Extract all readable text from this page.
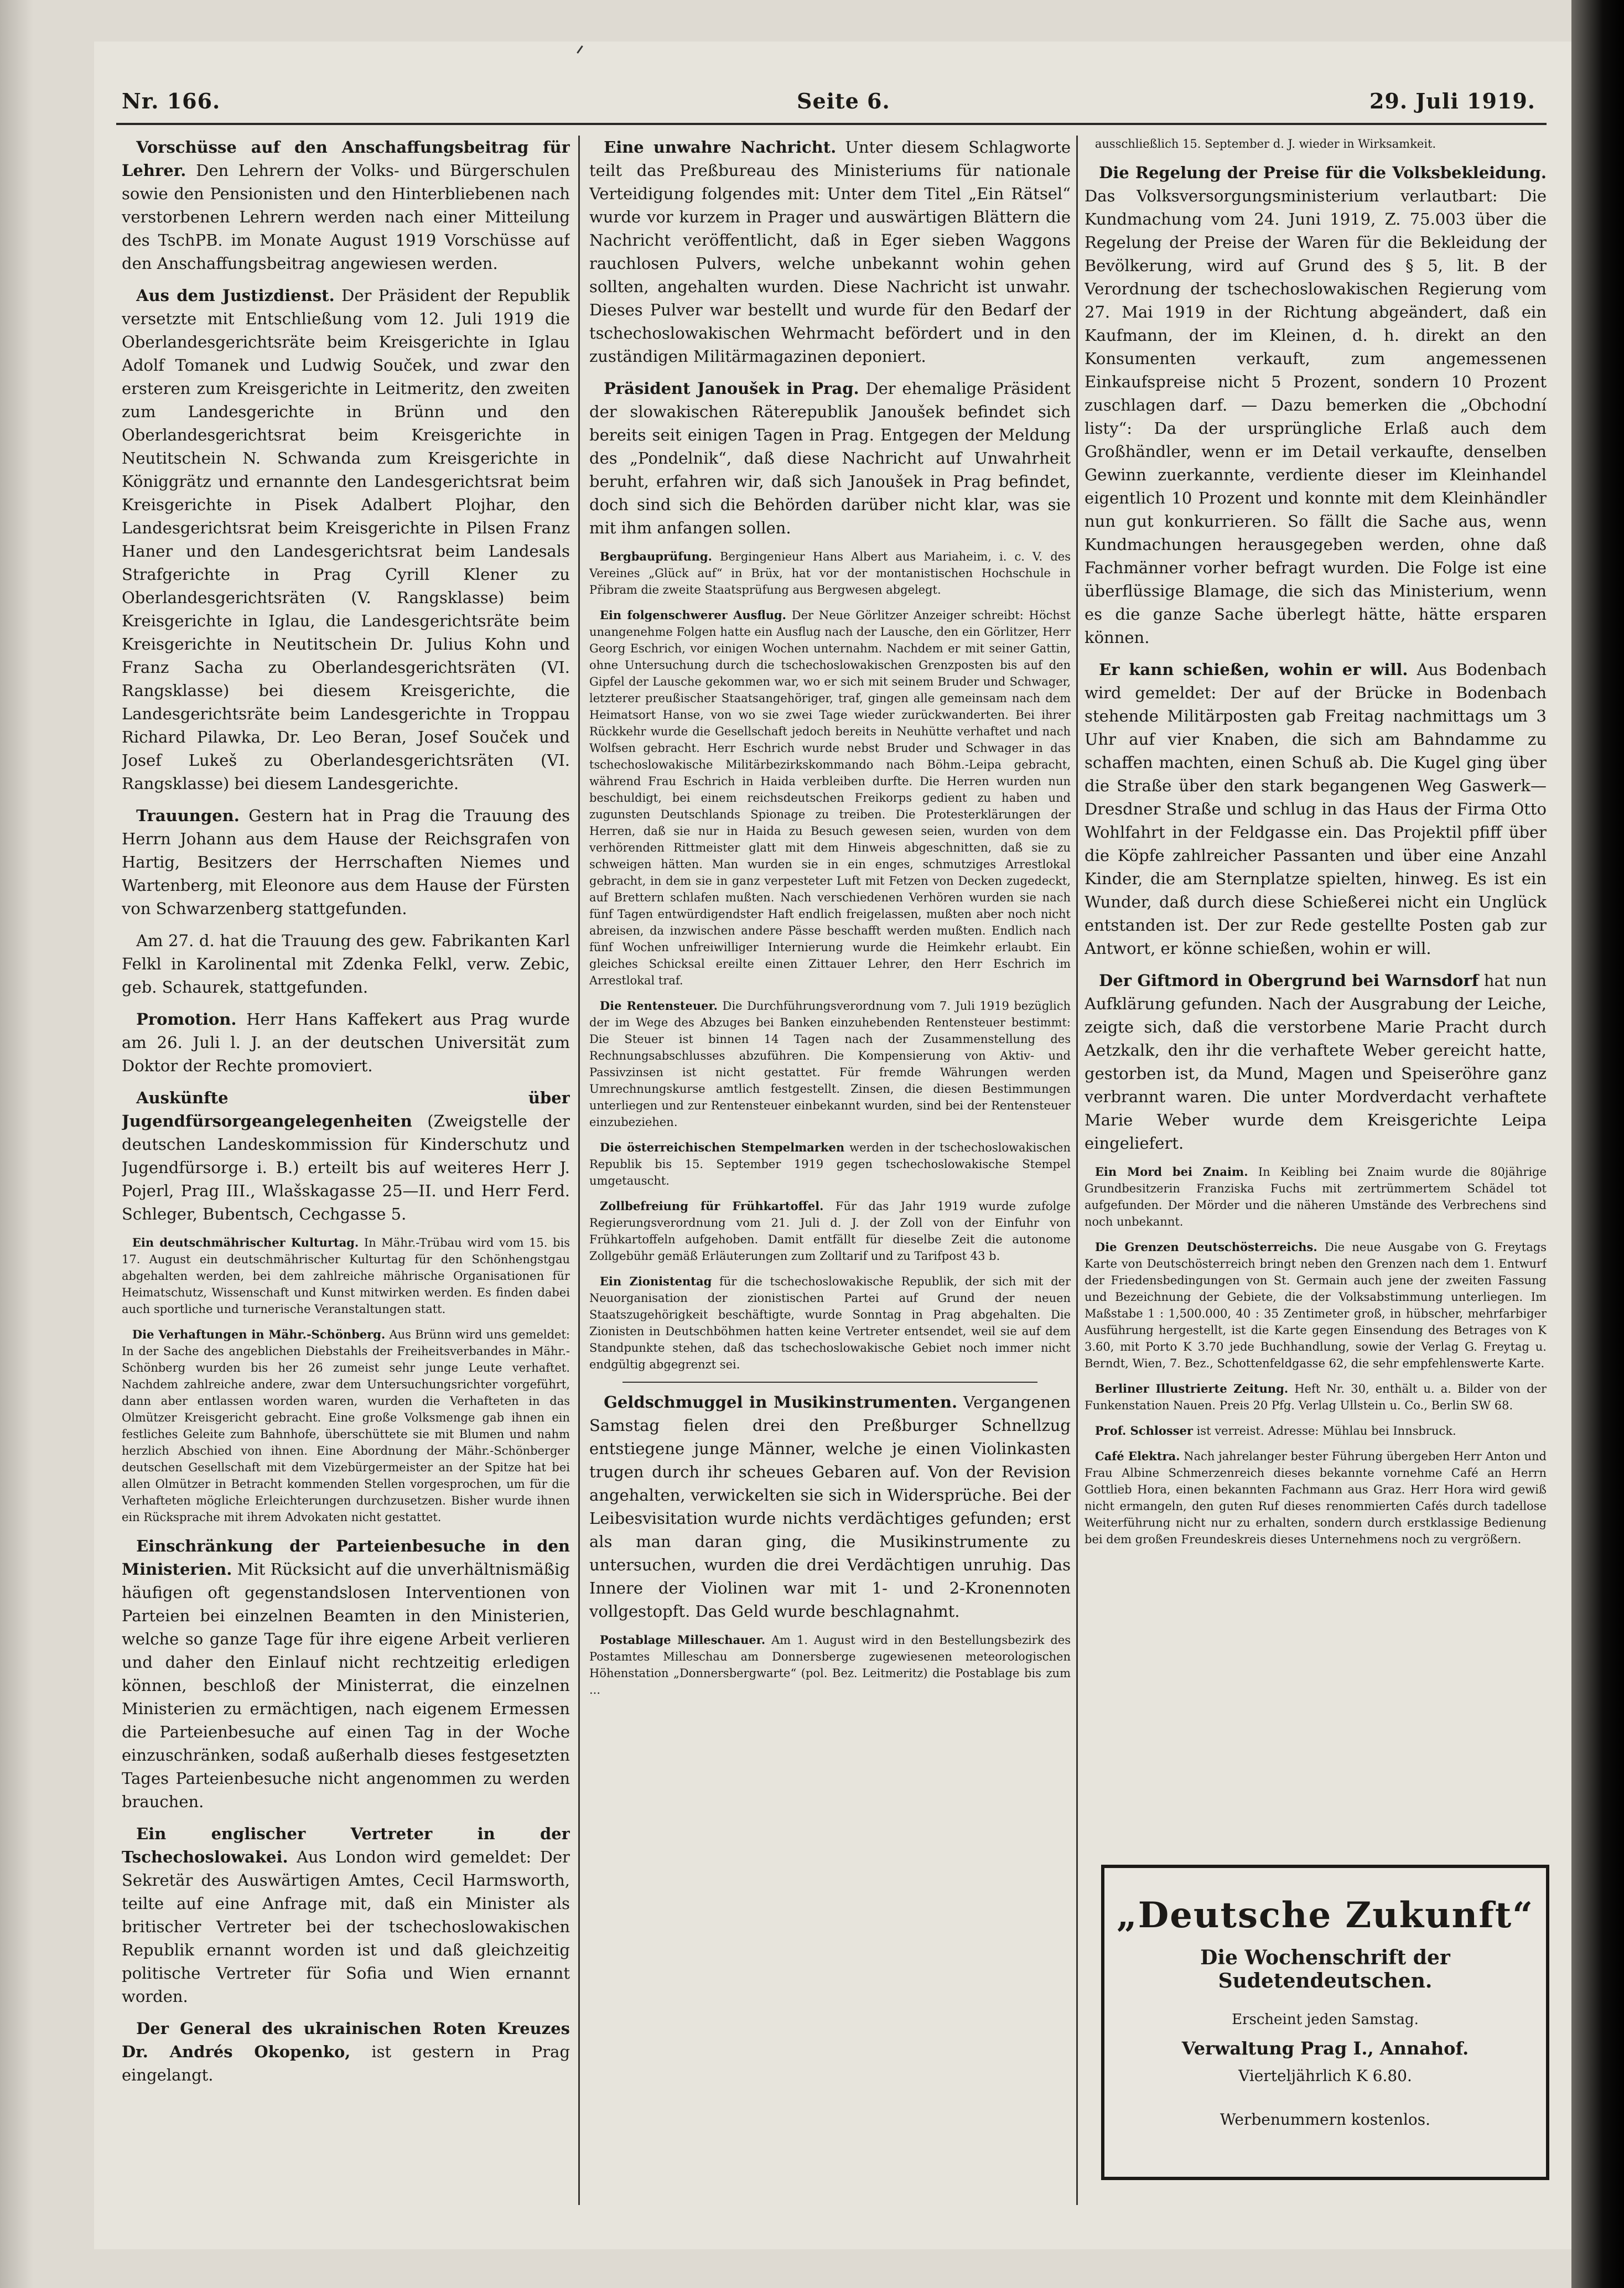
Nr. 166.	Seite 6.	29. Juli 1919.

Vorschüsse auf den Anschaffungsbeitrag für Lehrer. Den Lehrern der Volks- und Bürgerschulen sowie den Pensionisten und den Hinterbliebenen nach verstorbenen Lehrern werden nach einer Mitteilung des TschPB. im Monate August 1919 Vorschüsse auf den Anschaffungsbeitrag angewiesen werden.

Aus dem Justizdienst. Der Präsident der Republik versetzte mit Entschließung vom 12. Juli 1919 die Oberlandesgerichtsräte beim Kreisgerichte in Iglau Adolf Tomanek und Ludwig Souček, und zwar den ersteren zum Kreisgerichte in Leitmeritz, den zweiten zum Landesgerichte in Brünn und den Oberlandesgerichtsrat beim Kreisgerichte in Neutitschein N. Schwanda zum Kreisgerichte in Königgrätz und ernannte den Landesgerichtsrat beim Kreisgerichte in Pisek Adalbert Plojhar, den Landesgerichtsrat beim Kreisgerichte in Pilsen Franz Haner und den Landesgerichtsrat beim Landesals Strafgerichte in Prag Cyrill Klener zu Oberlandesgerichtsräten (V. Rangsklasse) beim Kreisgerichte in Iglau, die Landesgerichtsräte beim Kreisgerichte in Neutitschein Dr. Julius Kohn und Franz Sacha zu Oberlandesgerichtsräten (VI. Rangsklasse) bei diesem Kreisgerichte, die Landesgerichtsräte beim Landesgerichte in Troppau Richard Pilawka, Dr. Leo Beran, Josef Souček und Josef Lukeš zu Oberlandesgerichtsräten (VI. Rangsklasse) bei diesem Landesgerichte.

Trauungen. Gestern hat in Prag die Trauung des Herrn Johann aus dem Hause der Reichsgrafen von Hartig, Besitzers der Herrschaften Niemes und Wartenberg, mit Eleonore aus dem Hause der Fürsten von Schwarzenberg stattgefunden.

Am 27. d. hat die Trauung des gew. Fabrikanten Karl Felkl in Karolinental mit Zdenka Felkl, verw. Zebic, geb. Schaurek, stattgefunden.

Promotion. Herr Hans Kaffekert aus Prag wurde am 26. Juli l. J. an der deutschen Universität zum Doktor der Rechte promoviert.

Auskünfte über Jugendfürsorgeangelegenheiten (Zweigstelle der deutschen Landeskommission für Kinderschutz und Jugendfürsorge i. B.) erteilt bis auf weiteres Herr J. Pojerl, Prag III., Wlašskagasse 25—II. und Herr Ferd. Schleger, Bubentsch, Cechgasse 5.

Ein deutschmährischer Kulturtag. In Mähr.-Trübau wird vom 15. bis 17. August ein deutschmährischer Kulturtag für den Schönhengstgau abgehalten werden, bei dem zahlreiche mährische Organisationen für Heimatschutz, Wissenschaft und Kunst mitwirken werden. Es finden dabei auch sportliche und turnerische Veranstaltungen statt.

Die Verhaftungen in Mähr.-Schönberg. Aus Brünn wird uns gemeldet: In der Sache des angeblichen Diebstahls der Freiheitsverbandes in Mähr.-Schönberg wurden bis her 26 zumeist sehr junge Leute verhaftet. Nachdem zahlreiche andere, zwar dem Untersuchungsrichter vorgeführt, dann aber entlassen worden waren, wurden die Verhafteten in das Olmützer Kreisgericht gebracht. Eine große Volksmenge gab ihnen ein festliches Geleite zum Bahnhofe, überschüttete sie mit Blumen und nahm herzlich Abschied von ihnen. Eine Abordnung der Mähr.-Schönberger deutschen Gesellschaft mit dem Vizebürgermeister an der Spitze hat bei allen Olmützer in Betracht kommenden Stellen vorgesprochen, um für die Verhafteten mögliche Erleichterungen durchzusetzen. Bisher wurde ihnen ein Rücksprache mit ihrem Advokaten nicht gestattet.

Einschränkung der Parteienbesuche in den Ministerien. Mit Rücksicht auf die unverhältnismäßig häufigen oft gegenstandslosen Interventionen von Parteien bei einzelnen Beamten in den Ministerien, welche so ganze Tage für ihre eigene Arbeit verlieren und daher den Einlauf nicht rechtzeitig erledigen können, beschloß der Ministerrat, die einzelnen Ministerien zu ermächtigen, nach eigenem Ermessen die Parteienbesuche auf einen Tag in der Woche einzuschränken, sodaß außerhalb dieses festgesetzten Tages Parteienbesuche nicht angenommen zu werden brauchen.

Ein englischer Vertreter in der Tschechoslowakei. Aus London wird gemeldet: Der Sekretär des Auswärtigen Amtes, Cecil Harmsworth, teilte auf eine Anfrage mit, daß ein Minister als britischer Vertreter bei der tschechoslowakischen Republik ernannt worden ist und daß gleichzeitig politische Vertreter für Sofia und Wien ernannt worden.

Der General des ukrainischen Roten Kreuzes Dr. Andrés Okopenko, ist gestern in Prag eingelangt.

Eine unwahre Nachricht. Unter diesem Schlagworte teilt das Preßbureau des Ministeriums für nationale Verteidigung folgendes mit: Unter dem Titel „Ein Rätsel“ wurde vor kurzem in Prager und auswärtigen Blättern die Nachricht veröffentlicht, daß in Eger sieben Waggons rauchlosen Pulvers, welche unbekannt wohin gehen sollten, angehalten wurden. Diese Nachricht ist unwahr. Dieses Pulver war bestellt und wurde für den Bedarf der tschechoslowakischen Wehrmacht befördert und in den zuständigen Militärmagazinen deponiert.

Präsident Janoušek in Prag. Der ehemalige Präsident der slowakischen Räterepublik Janoušek befindet sich bereits seit einigen Tagen in Prag. Entgegen der Meldung des „Pondelnik“, daß diese Nachricht auf Unwahrheit beruht, erfahren wir, daß sich Janoušek in Prag befindet, doch sind sich die Behörden darüber nicht klar, was sie mit ihm anfangen sollen.

Bergbauprüfung. Bergingenieur Hans Albert aus Mariaheim, i. c. V. des Vereines „Glück auf“ in Brüx, hat vor der montanistischen Hochschule in Přibram die zweite Staatsprüfung aus Bergwesen abgelegt.

Ein folgenschwerer Ausflug. Der Neue Görlitzer Anzeiger schreibt: Höchst unangenehme Folgen hatte ein Ausflug nach der Lausche, den ein Görlitzer, Herr Georg Eschrich, vor einigen Wochen unternahm. Nachdem er mit seiner Gattin, ohne Untersuchung durch die tschechoslowakischen Grenzposten bis auf den Gipfel der Lausche gekommen war, wo er sich mit seinem Bruder und Schwager, letzterer preußischer Staatsangehöriger, traf, gingen alle gemeinsam nach dem Heimatsort Hanse, von wo sie zwei Tage wieder zurückwanderten. Bei ihrer Rückkehr wurde die Gesellschaft jedoch bereits in Neuhütte verhaftet und nach Wolfsen gebracht. Herr Eschrich wurde nebst Bruder und Schwager in das tschechoslowakische Militärbezirkskommando nach Böhm.-Leipa gebracht, während Frau Eschrich in Haida verbleiben durfte. Die Herren wurden nun beschuldigt, bei einem reichsdeutschen Freikorps gedient zu haben und zugunsten Deutschlands Spionage zu treiben. Die Protesterklärungen der Herren, daß sie nur in Haida zu Besuch gewesen seien, wurden von dem verhörenden Rittmeister glatt mit dem Hinweis abgeschnitten, daß sie zu schweigen hätten. Man wurden sie in ein enges, schmutziges Arrestlokal gebracht, in dem sie in ganz verpesteter Luft mit Fetzen von Decken zugedeckt, auf Brettern schlafen mußten. Nach verschiedenen Verhören wurden sie nach fünf Tagen entwürdigendster Haft endlich freigelassen, mußten aber noch nicht abreisen, da inzwischen andere Pässe beschafft werden mußten. Endlich nach fünf Wochen unfreiwilliger Internierung wurde die Heimkehr erlaubt. Ein gleiches Schicksal ereilte einen Zittauer Lehrer, den Herr Eschrich im Arrestlokal traf.

Die Rentensteuer. Die Durchführungsverordnung vom 7. Juli 1919 bezüglich der im Wege des Abzuges bei Banken einzuhebenden Rentensteuer bestimmt: Die Steuer ist binnen 14 Tagen nach der Zusammenstellung des Rechnungsabschlusses abzuführen. Die Kompensierung von Aktiv- und Passivzinsen ist nicht gestattet. Für fremde Währungen werden Umrechnungskurse amtlich festgestellt. Zinsen, die diesen Bestimmungen unterliegen und zur Rentensteuer einbekannt wurden, sind bei der Rentensteuer einzubeziehen.

Die österreichischen Stempelmarken werden in der tschechoslowakischen Republik bis 15. September 1919 gegen tschechoslowakische Stempel umgetauscht.

Zollbefreiung für Frühkartoffel. Für das Jahr 1919 wurde zufolge Regierungsverordnung vom 21. Juli d. J. der Zoll von der Einfuhr von Frühkartoffeln aufgehoben. Damit entfällt für dieselbe Zeit die autonome Zollgebühr gemäß Erläuterungen zum Zolltarif und zu Tarifpost 43 b.

Ein Zionistentag für die tschechoslowakische Republik, der sich mit der Neuorganisation der zionistischen Partei auf Grund der neuen Staatszugehörigkeit beschäftigte, wurde Sonntag in Prag abgehalten. Die Zionisten in Deutschböhmen hatten keine Vertreter entsendet, weil sie auf dem Standpunkte stehen, daß das tschechoslowakische Gebiet noch immer nicht endgültig abgegrenzt sei.

Geldschmuggel in Musikinstrumenten. Vergangenen Samstag fielen drei den Preßburger Schnellzug entstiegene junge Männer, welche je einen Violinkasten trugen durch ihr scheues Gebaren auf. Von der Revision angehalten, verwickelten sie sich in Widersprüche. Bei der Leibesvisitation wurde nichts verdächtiges gefunden; erst als man daran ging, die Musikinstrumente zu untersuchen, wurden die drei Verdächtigen unruhig. Das Innere der Violinen war mit 1- und 2-Kronennoten vollgestopft. Das Geld wurde beschlagnahmt.

Postablage Milleschauer. Am 1. August wird in den Bestellungsbezirk des Postamtes Milleschau am Donnersberge zugewiesenen meteorologischen Höhenstation „Donnersbergwarte“ (pol. Bez. Leitmeritz) die Postablage bis zum ...

ausschließlich 15. September d. J. wieder in Wirksamkeit.

Die Regelung der Preise für die Volksbekleidung. Das Volksversorgungsministerium verlautbart: Die Kundmachung vom 24. Juni 1919, Z. 75.003 über die Regelung der Preise der Waren für die Bekleidung der Bevölkerung, wird auf Grund des § 5, lit. B der Verordnung der tschechoslowakischen Regierung vom 27. Mai 1919 in der Richtung abgeändert, daß ein Kaufmann, der im Kleinen, d. h. direkt an den Konsumenten verkauft, zum angemessenen Einkaufspreise nicht 5 Prozent, sondern 10 Prozent zuschlagen darf. — Dazu bemerken die „Obchodní listy“: Da der ursprüngliche Erlaß auch dem Großhändler, wenn er im Detail verkaufte, denselben Gewinn zuerkannte, verdiente dieser im Kleinhandel eigentlich 10 Prozent und konnte mit dem Kleinhändler nun gut konkurrieren. So fällt die Sache aus, wenn Kundmachungen herausgegeben werden, ohne daß Fachmänner vorher befragt wurden. Die Folge ist eine überflüssige Blamage, die sich das Ministerium, wenn es die ganze Sache überlegt hätte, hätte ersparen können.

Er kann schießen, wohin er will. Aus Bodenbach wird gemeldet: Der auf der Brücke in Bodenbach stehende Militärposten gab Freitag nachmittags um 3 Uhr auf vier Knaben, die sich am Bahndamme zu schaffen machten, einen Schuß ab. Die Kugel ging über die Straße über den stark begangenen Weg Gaswerk—Dresdner Straße und schlug in das Haus der Firma Otto Wohlfahrt in der Feldgasse ein. Das Projektil pfiff über die Köpfe zahlreicher Passanten und über eine Anzahl Kinder, die am Sternplatze spielten, hinweg. Es ist ein Wunder, daß durch diese Schießerei nicht ein Unglück entstanden ist. Der zur Rede gestellte Posten gab zur Antwort, er könne schießen, wohin er will.

Der Giftmord in Obergrund bei Warnsdorf hat nun Aufklärung gefunden. Nach der Ausgrabung der Leiche, zeigte sich, daß die verstorbene Marie Pracht durch Aetzkalk, den ihr die verhaftete Weber gereicht hatte, gestorben ist, da Mund, Magen und Speiseröhre ganz verbrannt waren. Die unter Mordverdacht verhaftete Marie Weber wurde dem Kreisgerichte Leipa eingeliefert.

Ein Mord bei Znaim. In Keibling bei Znaim wurde die 80jährige Grundbesitzerin Franziska Fuchs mit zertrümmertem Schädel tot aufgefunden. Der Mörder und die näheren Umstände des Verbrechens sind noch unbekannt.

Die Grenzen Deutschösterreichs. Die neue Ausgabe von G. Freytags Karte von Deutschösterreich bringt neben den Grenzen nach dem 1. Entwurf der Friedensbedingungen von St. Germain auch jene der zweiten Fassung und Bezeichnung der Gebiete, die der Volksabstimmung unterliegen. Im Maßstabe 1 : 1,500.000, 40 : 35 Zentimeter groß, in hübscher, mehrfarbiger Ausführung hergestellt, ist die Karte gegen Einsendung des Betrages von K 3.60, mit Porto K 3.70 jede Buchhandlung, sowie der Verlag G. Freytag u. Berndt, Wien, 7. Bez., Schottenfeldgasse 62, die sehr empfehlenswerte Karte.

Berliner Illustrierte Zeitung. Heft Nr. 30, enthält u. a. Bilder von der Funkenstation Nauen. Preis 20 Pfg. Verlag Ullstein u. Co., Berlin SW 68.

Prof. Schlosser ist verreist. Adresse: Mühlau bei Innsbruck.

Café Elektra. Nach jahrelanger bester Führung übergeben Herr Anton und Frau Albine Schmerzenreich dieses bekannte vornehme Café an Herrn Gottlieb Hora, einen bekannten Fachmann aus Graz. Herr Hora wird gewiß nicht ermangeln, den guten Ruf dieses renommierten Cafés durch tadellose Weiterführung nicht nur zu erhalten, sondern durch erstklassige Bedienung bei dem großen Freundeskreis dieses Unternehmens noch zu vergrößern.

„Deutsche Zukunft“
Die Wochenschrift der Sudetendeutschen.
Erscheint jeden Samstag.
Verwaltung Prag I., Annahof.
Vierteljährlich K 6.80.
Werbenummern kostenlos.
